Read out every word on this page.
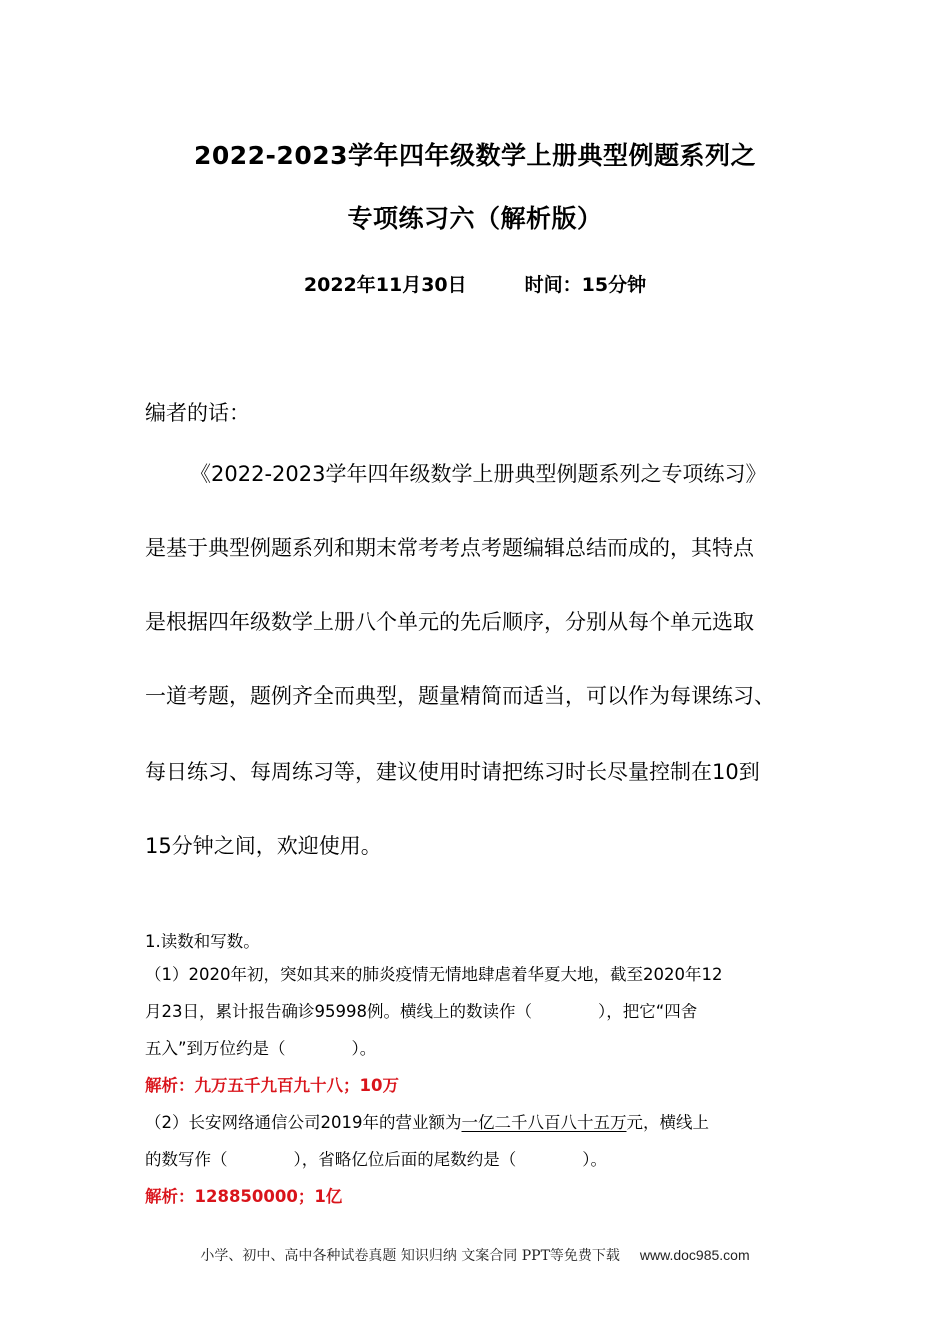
2022-2023学年四年级数学上册典型例题系列之
专项练习六（解析版）
2022年11月30日	时间：15分钟
编者的话：
《2022-2023学年四年级数学上册典型例题系列之专项练习》
是基于典型例题系列和期末常考考点考题编辑总结而成的，其特点
是根据四年级数学上册八个单元的先后顺序，分别从每个单元选取
一道考题，题例齐全而典型，题量精简而适当，可以作为每课练习、
每日练习、每周练习等，建议使用时请把练习时长尽量控制在10到
15分钟之间，欢迎使用。
1.读数和写数。
（1）2020年初，突如其来的肺炎疫情无情地肆虐着华夏大地，截至2020年12
月23日，累计报告确诊95998例。横线上的数读作（　　　　），把它“四舍
五入”到万位约是（　　　　）。
解析：九万五千九百九十八；10万
（2）长安网络通信公司2019年的营业额为一亿二千八百八十五万元，横线上
的数写作（　　　　），省略亿位后面的尾数约是（　　　　）。
解析：128850000；1亿
小学、初中、高中各种试卷真题 知识归纳 文案合同 PPT等免费下载 www.doc985.com
